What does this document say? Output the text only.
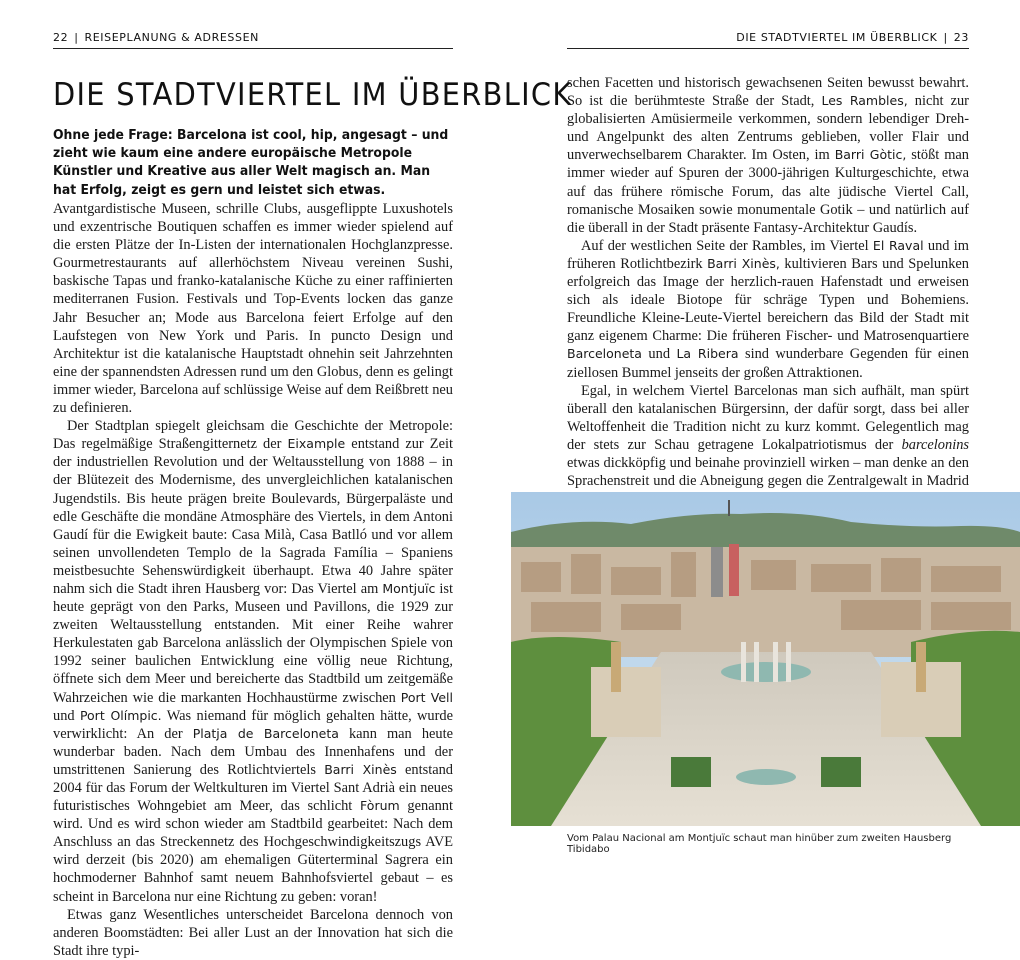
22 | REISEPLANUNG & ADRESSEN	DIE STADTVIERTEL IM ÜBERBLICK | 23
DIE STADTVIERTEL IM ÜBERBLICK

Ohne jede Frage: Barcelona ist cool, hip, angesagt – und zieht wie kaum eine andere europäische Metropole Künstler und Kreative aus aller Welt magisch an. Man hat Erfolg, zeigt es gern und leistet sich etwas.

Avantgardistische Museen, schrille Clubs, ausgeflippte Luxushotels und exzentrische Boutiquen schaffen es immer wieder spielend auf die ersten Plätze der In-Listen der internationalen Hochglanzpresse. Gourmetrestaurants auf allerhöchstem Niveau vereinen Sushi, baskische Tapas und franko-katalanische Küche zu einer raffinierten mediterranen Fusion. Festivals und Top-Events locken das ganze Jahr Besucher an; Mode aus Barcelona feiert Erfolge auf den Laufstegen von New York und Paris. In puncto Design und Architektur ist die katalanische Hauptstadt ohnehin seit Jahrzehnten eine der spannendsten Adressen rund um den Globus, denn es gelingt immer wieder, Barcelona auf schlüssige Weise auf dem Reißbrett neu zu definieren.

Der Stadtplan spiegelt gleichsam die Geschichte der Metropole: Das regelmäßige Straßengitternetz der Eixample entstand zur Zeit der industriellen Revolution und der Weltausstellung von 1888 – in der Blütezeit des Modernisme, des unvergleichlichen katalanischen Jugendstils. Bis heute prägen breite Boulevards, Bürgerpaläste und edle Geschäfte die mondäne Atmosphäre des Viertels, in dem Antoni Gaudí für die Ewigkeit baute: Casa Milà, Casa Batlló und vor allem seinen unvollendeten Templo de la Sagrada Família – Spaniens meistbesuchte Sehenswürdigkeit überhaupt. Etwa 40 Jahre später nahm sich die Stadt ihren Hausberg vor: Das Viertel am Montjuïc ist heute geprägt von den Parks, Museen und Pavillons, die 1929 zur zweiten Weltausstellung entstanden. Mit einer Reihe wahrer Herkulestaten gab Barcelona anlässlich der Olympischen Spiele von 1992 seiner baulichen Entwicklung eine völlig neue Richtung, öffnete sich dem Meer und bereicherte das Stadtbild um zeitgemäße Wahrzeichen wie die markanten Hochhaustürme zwischen Port Vell und Port Olímpic. Was niemand für möglich gehalten hätte, wurde verwirklicht: An der Platja de Barceloneta kann man heute wunderbar baden. Nach dem Umbau des Innenhafens und der umstrittenen Sanierung des Rotlichtviertels Barri Xinès entstand 2004 für das Forum der Weltkulturen im Viertel Sant Adrià ein neues futuristisches Wohngebiet am Meer, das schlicht Fòrum genannt wird. Und es wird schon wieder am Stadtbild gearbeitet: Nach dem Anschluss an das Streckennetz des Hochgeschwindigkeitszugs AVE wird derzeit (bis 2020) am ehemaligen Güterterminal Sagrera ein hochmoderner Bahnhof samt neuem Bahnhofsviertel gebaut – es scheint in Barcelona nur eine Richtung zu geben: voran!

Etwas ganz Wesentliches unterscheidet Barcelona dennoch von anderen Boomstädten: Bei aller Lust an der Innovation hat sich die Stadt ihre typi-

schen Facetten und historisch gewachsenen Seiten bewusst bewahrt. So ist die berühmteste Straße der Stadt, Les Rambles, nicht zur globalisierten Amüsiermeile verkommen, sondern lebendiger Dreh- und Angelpunkt des alten Zentrums geblieben, voller Flair und unverwechselbarem Charakter. Im Osten, im Barri Gòtic, stößt man immer wieder auf Spuren der 3000-jährigen Kulturgeschichte, etwa auf das frühere römische Forum, das alte jüdische Viertel Call, romanische Mosaiken sowie monumentale Gotik – und natürlich auf die überall in der Stadt präsente Fantasy-Architektur Gaudís.

Auf der westlichen Seite der Rambles, im Viertel El Raval und im früheren Rotlichtbezirk Barri Xinès, kultivieren Bars und Spelunken erfolgreich das Image der herzlich-rauen Hafenstadt und erweisen sich als ideale Biotope für schräge Typen und Bohemiens. Freundliche Kleine-Leute-Viertel bereichern das Bild der Stadt mit ganz eigenem Charme: Die früheren Fischer- und Matrosenquartiere Barceloneta und La Ribera sind wunderbare Gegenden für einen ziellosen Bummel jenseits der großen Attraktionen.

Egal, in welchem Viertel Barcelonas man sich aufhält, man spürt überall den katalanischen Bürgersinn, der dafür sorgt, dass bei aller Weltoffenheit die Tradition nicht zu kurz kommt. Gelegentlich mag der stets zur Schau getragene Lokalpatriotismus der barcelonins etwas dickköpfig und beinahe provinziell wirken – man denke an den Sprachenstreit und die Abneigung gegen die Zentralgewalt in Madrid

Vom Palau Nacional am Montjuïc schaut man hinüber zum zweiten Hausberg Tibidabo
